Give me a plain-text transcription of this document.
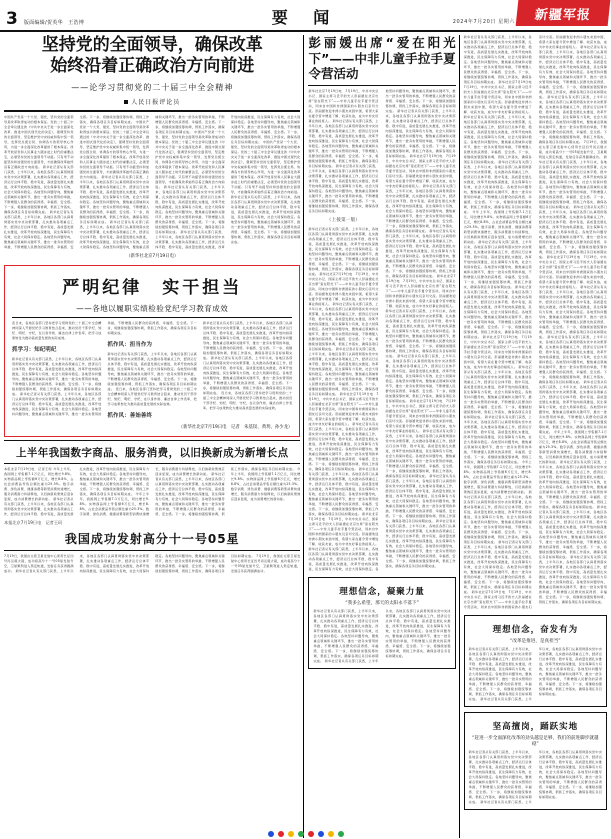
3	版面编辑/贺英华　王浩博	要 闻	2024年7月20日 星期六	新疆军报
坚持党的全面领导，确保改革
始终沿着正确政治方向前进
——论学习贯彻党的二十届三中全会精神
人民日报评论员
中国共产党是一个大党、强党，坚持党的全面领导是改革取得成功的根本保证。党的二十届三中全会审议通过的《中共中央关于进一步全面深化改革、推进中国式现代化的决定》，强调坚持党的全面领导，坚定维护党中央权威和集中统一领导，发挥党总揽全局、协调各方的领导核心作用，为进一步全面深化改革提供了根本保证。改革开放是党和人民事业大踏步赶上时代的重要法宝，必须坚持党的全面领导不动摇。只有毫不动摇坚持和加强党的全面领导，才能确保改革始终沿着正确政治方向前进。 新华社记者从有关部门获悉，上半年以来，各地区各部门认真贯彻落实党中央决策部署，扎实推动各项重点工作，经济运行总体平稳、稳中有进，高质量发展扎实推进，改革开放向纵深推进，民生保障有力有效，社会大局保持稳定。各地坚持问题导向，聚焦重点领域和关键环节，推出一批务实管用的举措，不断增强人民群众的获得感、幸福感、安全感。下一步，将继续加强统筹协调，狠抓工作落实，确保各项任务目标如期完成。 新华社记者从有关部门获悉，上半年以来，各地区各部门认真贯彻落实党中央决策部署，扎实推动各项重点工作，经济运行总体平稳、稳中有进，高质量发展扎实推进，改革开放向纵深推进，民生保障有力有效，社会大局保持稳定。各地坚持问题导向，聚焦重点领域和关键环节，推出一批务实管用的举措，不断增强人民群众的获得感、幸福感、安全感。下一步，将继续加强统筹协调，狠抓工作落实，确保各项任务目标如期完成。 中国共产党是一个大党、强党，坚持党的全面领导是改革取得成功的根本保证。党的二十届三中全会审议通过的《中共中央关于进一步全面深化改革、推进中国式现代化的决定》，强调坚持党的全面领导，坚定维护党中央权威和集中统一领导，发挥党总揽全局、协调各方的领导核心作用，为进一步全面深化改革提供了根本保证。改革开放是党和人民事业大踏步赶上时代的重要法宝，必须坚持党的全面领导不动摇。只有毫不动摇坚持和加强党的全面领导，才能确保改革始终沿着正确政治方向前进。 新华社记者从有关部门获悉，上半年以来，各地区各部门认真贯彻落实党中央决策部署，扎实推动各项重点工作，经济运行总体平稳、稳中有进，高质量发展扎实推进，改革开放向纵深推进，民生保障有力有效，社会大局保持稳定。各地坚持问题导向，聚焦重点领域和关键环节，推出一批务实管用的举措，不断增强人民群众的获得感、幸福感、安全感。下一步，将继续加强统筹协调，狠抓工作落实，确保各项任务目标如期完成。 新华社记者从有关部门获悉，上半年以来，各地区各部门认真贯彻落实党中央决策部署，扎实推动各项重点工作，经济运行总体平稳、稳中有进，高质量发展扎实推进，改革开放向纵深推进，民生保障有力有效，社会大局保持稳定。各地坚持问题导向，聚焦重点领域和关键环节，推出一批务实管用的举措，不断增强人民群众的获得感、幸福感、安全感。下一步，将继续加强统筹协调，狠抓工作落实，确保各项任务目标如期完成。 中国共产党是一个大党、强党，坚持党的全面领导是改革取得成功的根本保证。党的二十届三中全会审议通过的《中共中央关于进一步全面深化改革、推进中国式现代化的决定》，强调坚持党的全面领导，坚定维护党中央权威和集中统一领导，发挥党总揽全局、协调各方的领导核心作用，为进一步全面深化改革提供了根本保证。改革开放是党和人民事业大踏步赶上时代的重要法宝，必须坚持党的全面领导不动摇。只有毫不动摇坚持和加强党的全面领导，才能确保改革始终沿着正确政治方向前进。 新华社记者从有关部门获悉，上半年以来，各地区各部门认真贯彻落实党中央决策部署，扎实推动各项重点工作，经济运行总体平稳、稳中有进，高质量发展扎实推进，改革开放向纵深推进，民生保障有力有效，社会大局保持稳定。各地坚持问题导向，聚焦重点领域和关键环节，推出一批务实管用的举措，不断增强人民群众的获得感、幸福感、安全感。下一步，将继续加强统筹协调，狠抓工作落实，确保各项任务目标如期完成。 新华社记者从有关部门获悉，上半年以来，各地区各部门认真贯彻落实党中央决策部署，扎实推动各项重点工作，经济运行总体平稳、稳中有进，高质量发展扎实推进，改革开放向纵深推进，民生保障有力有效，社会大局保持稳定。各地坚持问题导向，聚焦重点领域和关键环节，推出一批务实管用的举措，不断增强人民群众的获得感、幸福感、安全感。下一步，将继续加强统筹协调，狠抓工作落实，确保各项任务目标如期完成。 中国共产党是一个大党、强党，坚持党的全面领导是改革取得成功的根本保证。党的二十届三中全会审议通过的《中共中央关于进一步全面深化改革、推进中国式现代化的决定》，强调坚持党的全面领导，坚定维护党中央权威和集中统一领导，发挥党总揽全局、协调各方的领导核心作用，为进一步全面深化改革提供了根本保证。改革开放是党和人民事业大踏步赶上时代的重要法宝，必须坚持党的全面领导不动摇。只有毫不动摇坚持和加强党的全面领导，才能确保改革始终沿着正确政治方向前进。 新华社记者从有关部门获悉，上半年以来，各地区各部门认真贯彻落实党中央决策部署，扎实推动各项重点工作，经济运行总体平稳、稳中有进，高质量发展扎实推进，改革开放向纵深推进，民生保障有力有效，社会大局保持稳定。各地坚持问题导向，聚焦重点领域和关键环节，推出一批务实管用的举措，不断增强人民群众的获得感、幸福感、安全感。下一步，将继续加强统筹协调，狠抓工作落实，确保各项任务目标如期完成。
（新华社北京7月19日电）
严明纪律　实干担当
——各地以履职实绩检验党纪学习教育成效
连日来，各地区各部门坚持把学习贯彻党的二十届三中全会精神同深入开展党纪学习教育结合起来，推动党员干部学纪、知纪、明纪、守纪，在以身作则、廉洁自律上作表率，把学习成果转化为推动高质量发展的实际成效。
抓学习：知纪明纪
新华社记者从有关部门获悉，上半年以来，各地区各部门认真贯彻落实党中央决策部署，扎实推动各项重点工作，经济运行总体平稳、稳中有进，高质量发展扎实推进，改革开放向纵深推进，民生保障有力有效，社会大局保持稳定。各地坚持问题导向，聚焦重点领域和关键环节，推出一批务实管用的举措，不断增强人民群众的获得感、幸福感、安全感。下一步，将继续加强统筹协调，狠抓工作落实，确保各项任务目标如期完成。 新华社记者从有关部门获悉，上半年以来，各地区各部门认真贯彻落实党中央决策部署，扎实推动各项重点工作，经济运行总体平稳、稳中有进，高质量发展扎实推进，改革开放向纵深推进，民生保障有力有效，社会大局保持稳定。各地坚持问题导向，聚焦重点领域和关键环节，推出一批务实管用的举措，不断增强人民群众的获得感、幸福感、安全感。下一步，将继续加强统筹协调，狠抓工作落实，确保各项任务目标如期完成。
抓作风：担当作为
新华社记者从有关部门获悉，上半年以来，各地区各部门认真贯彻落实党中央决策部署，扎实推动各项重点工作，经济运行总体平稳、稳中有进，高质量发展扎实推进，改革开放向纵深推进，民生保障有力有效，社会大局保持稳定。各地坚持问题导向，聚焦重点领域和关键环节，推出一批务实管用的举措，不断增强人民群众的获得感、幸福感、安全感。下一步，将继续加强统筹协调，狠抓工作落实，确保各项任务目标如期完成。 连日来，各地区各部门坚持把学习贯彻党的二十届三中全会精神同深入开展党纪学习教育结合起来，推动党员干部学纪、知纪、明纪、守纪，在以身作则、廉洁自律上作表率，把学习成果转化为推动高质量发展的实际成效。
抓作风：善始善终
新华社记者从有关部门获悉，上半年以来，各地区各部门认真贯彻落实党中央决策部署，扎实推动各项重点工作，经济运行总体平稳、稳中有进，高质量发展扎实推进，改革开放向纵深推进，民生保障有力有效，社会大局保持稳定。各地坚持问题导向，聚焦重点领域和关键环节，推出一批务实管用的举措，不断增强人民群众的获得感、幸福感、安全感。下一步，将继续加强统筹协调，狠抓工作落实，确保各项任务目标如期完成。 新华社记者从有关部门获悉，上半年以来，各地区各部门认真贯彻落实党中央决策部署，扎实推动各项重点工作，经济运行总体平稳、稳中有进，高质量发展扎实推进，改革开放向纵深推进，民生保障有力有效，社会大局保持稳定。各地坚持问题导向，聚焦重点领域和关键环节，推出一批务实管用的举措，不断增强人民群众的获得感、幸福感、安全感。下一步，将继续加强统筹协调，狠抓工作落实，确保各项任务目标如期完成。 连日来，各地区各部门坚持把学习贯彻党的二十届三中全会精神同深入开展党纪学习教育结合起来，推动党员干部学纪、知纪、明纪、守纪，在以身作则、廉洁自律上作表率，把学习成果转化为推动高质量发展的实际成效。
（新华社北京7月19日电　记者　朱基钗、黄玥、孙少龙）
上半年我国数字商品、服务消费，以旧换新成为新增长点
本报北京7月19日电　记者王珂 今年上半年，我国网上零售额7.1万亿元，同比增长9.8%。实物商品网上零售额6万亿元，增长8.8%，占社会消费品零售总额比重为25.3%。数字消费、绿色消费、健康消费等新型消费快速增长，服务消费潜力持续释放，以旧换新政策效应逐步显现，成为消费增长的新动能。 新华社记者从有关部门获悉，上半年以来，各地区各部门认真贯彻落实党中央决策部署，扎实推动各项重点工作，经济运行总体平稳、稳中有进，高质量发展扎实推进，改革开放向纵深推进，民生保障有力有效，社会大局保持稳定。各地坚持问题导向，聚焦重点领域和关键环节，推出一批务实管用的举措，不断增强人民群众的获得感、幸福感、安全感。下一步，将继续加强统筹协调，狠抓工作落实，确保各项任务目标如期完成。 今年上半年，我国网上零售额7.1万亿元，同比增长9.8%。实物商品网上零售额6万亿元，增长8.8%，占社会消费品零售总额比重为25.3%。数字消费、绿色消费、健康消费等新型消费快速增长，服务消费潜力持续释放，以旧换新政策效应逐步显现，成为消费增长的新动能。 新华社记者从有关部门获悉，上半年以来，各地区各部门认真贯彻落实党中央决策部署，扎实推动各项重点工作，经济运行总体平稳、稳中有进，高质量发展扎实推进，改革开放向纵深推进，民生保障有力有效，社会大局保持稳定。各地坚持问题导向，聚焦重点领域和关键环节，推出一批务实管用的举措，不断增强人民群众的获得感、幸福感、安全感。下一步，将继续加强统筹协调，狠抓工作落实，确保各项任务目标如期完成。 今年上半年，我国网上零售额7.1万亿元，同比增长9.8%。实物商品网上零售额6万亿元，增长8.8%，占社会消费品零售总额比重为25.3%。数字消费、绿色消费、健康消费等新型消费快速增长，服务消费潜力持续释放，以旧换新政策效应逐步显现，成为消费增长的新动能。
本报北京7月19日电　记者王珂
我国成功发射高分十一号05星
7月19日，我国在太原卫星发射中心使用长征四号丙运载火箭，成功将高分十一号05星发射升空，卫星顺利进入预定轨道，发射任务获得圆满成功。 新华社记者从有关部门获悉，上半年以来，各地区各部门认真贯彻落实党中央决策部署，扎实推动各项重点工作，经济运行总体平稳、稳中有进，高质量发展扎实推进，改革开放向纵深推进，民生保障有力有效，社会大局保持稳定。各地坚持问题导向，聚焦重点领域和关键环节，推出一批务实管用的举措，不断增强人民群众的获得感、幸福感、安全感。下一步，将继续加强统筹协调，狠抓工作落实，确保各项任务目标如期完成。 7月19日，我国在太原卫星发射中心使用长征四号丙运载火箭，成功将高分十一号05星发射升空，卫星顺利进入预定轨道，发射任务获得圆满成功。
彭丽媛出席“爱在阳光下”——中非儿童手拉手夏令营活动
新华社北京7月19日电　7月19日，中共中央总书记、国家主席习近平的夫人彭丽媛在北京出席“爱在阳光下”——中非儿童手拉手夏令营活动，同来自中国和非洲国家的小朋友们亲切交流。彭丽媛欢迎非洲小朋友来到中国，希望大家在夏令营中增进了解、收获友谊，成为中非友好事业的接班人。 新华社记者从有关部门获悉，上半年以来，各地区各部门认真贯彻落实党中央决策部署，扎实推动各项重点工作，经济运行总体平稳、稳中有进，高质量发展扎实推进，改革开放向纵深推进，民生保障有力有效，社会大局保持稳定。各地坚持问题导向，聚焦重点领域和关键环节，推出一批务实管用的举措，不断增强人民群众的获得感、幸福感、安全感。下一步，将继续加强统筹协调，狠抓工作落实，确保各项任务目标如期完成。 新华社记者从有关部门获悉，上半年以来，各地区各部门认真贯彻落实党中央决策部署，扎实推动各项重点工作，经济运行总体平稳、稳中有进，高质量发展扎实推进，改革开放向纵深推进，民生保障有力有效，社会大局保持稳定。各地坚持问题导向，聚焦重点领域和关键环节，推出一批务实管用的举措，不断增强人民群众的获得感、幸福感、安全感。下一步，将继续加强统筹协调，狠抓工作落实，确保各项任务目标如期完成。
（上接第一版）
新华社记者从有关部门获悉，上半年以来，各地区各部门认真贯彻落实党中央决策部署，扎实推动各项重点工作，经济运行总体平稳、稳中有进，高质量发展扎实推进，改革开放向纵深推进，民生保障有力有效，社会大局保持稳定。各地坚持问题导向，聚焦重点领域和关键环节，推出一批务实管用的举措，不断增强人民群众的获得感、幸福感、安全感。下一步，将继续加强统筹协调，狠抓工作落实，确保各项任务目标如期完成。 新华社北京7月19日电　7月19日，中共中央总书记、国家主席习近平的夫人彭丽媛在北京出席“爱在阳光下”——中非儿童手拉手夏令营活动，同来自中国和非洲国家的小朋友们亲切交流。彭丽媛欢迎非洲小朋友来到中国，希望大家在夏令营中增进了解、收获友谊，成为中非友好事业的接班人。 新华社记者从有关部门获悉，上半年以来，各地区各部门认真贯彻落实党中央决策部署，扎实推动各项重点工作，经济运行总体平稳、稳中有进，高质量发展扎实推进，改革开放向纵深推进，民生保障有力有效，社会大局保持稳定。各地坚持问题导向，聚焦重点领域和关键环节，推出一批务实管用的举措，不断增强人民群众的获得感、幸福感、安全感。下一步，将继续加强统筹协调，狠抓工作落实，确保各项任务目标如期完成。 新华社记者从有关部门获悉，上半年以来，各地区各部门认真贯彻落实党中央决策部署，扎实推动各项重点工作，经济运行总体平稳、稳中有进，高质量发展扎实推进，改革开放向纵深推进，民生保障有力有效，社会大局保持稳定。各地坚持问题导向，聚焦重点领域和关键环节，推出一批务实管用的举措，不断增强人民群众的获得感、幸福感、安全感。下一步，将继续加强统筹协调，狠抓工作落实，确保各项任务目标如期完成。 新华社北京7月19日电　7月19日，中共中央总书记、国家主席习近平的夫人彭丽媛在北京出席“爱在阳光下”——中非儿童手拉手夏令营活动，同来自中国和非洲国家的小朋友们亲切交流。彭丽媛欢迎非洲小朋友来到中国，希望大家在夏令营中增进了解、收获友谊，成为中非友好事业的接班人。 新华社记者从有关部门获悉，上半年以来，各地区各部门认真贯彻落实党中央决策部署，扎实推动各项重点工作，经济运行总体平稳、稳中有进，高质量发展扎实推进，改革开放向纵深推进，民生保障有力有效，社会大局保持稳定。各地坚持问题导向，聚焦重点领域和关键环节，推出一批务实管用的举措，不断增强人民群众的获得感、幸福感、安全感。下一步，将继续加强统筹协调，狠抓工作落实，确保各项任务目标如期完成。 新华社记者从有关部门获悉，上半年以来，各地区各部门认真贯彻落实党中央决策部署，扎实推动各项重点工作，经济运行总体平稳、稳中有进，高质量发展扎实推进，改革开放向纵深推进，民生保障有力有效，社会大局保持稳定。各地坚持问题导向，聚焦重点领域和关键环节，推出一批务实管用的举措，不断增强人民群众的获得感、幸福感、安全感。下一步，将继续加强统筹协调，狠抓工作落实，确保各项任务目标如期完成。 新华社北京7月19日电　7月19日，中共中央总书记、国家主席习近平的夫人彭丽媛在北京出席“爱在阳光下”——中非儿童手拉手夏令营活动，同来自中国和非洲国家的小朋友们亲切交流。彭丽媛欢迎非洲小朋友来到中国，希望大家在夏令营中增进了解、收获友谊，成为中非友好事业的接班人。 新华社记者从有关部门获悉，上半年以来，各地区各部门认真贯彻落实党中央决策部署，扎实推动各项重点工作，经济运行总体平稳、稳中有进，高质量发展扎实推进，改革开放向纵深推进，民生保障有力有效，社会大局保持稳定。各地坚持问题导向，聚焦重点领域和关键环节，推出一批务实管用的举措，不断增强人民群众的获得感、幸福感、安全感。下一步，将继续加强统筹协调，狠抓工作落实，确保各项任务目标如期完成。 新华社记者从有关部门获悉，上半年以来，各地区各部门认真贯彻落实党中央决策部署，扎实推动各项重点工作，经济运行总体平稳、稳中有进，高质量发展扎实推进，改革开放向纵深推进，民生保障有力有效，社会大局保持稳定。各地坚持问题导向，聚焦重点领域和关键环节，推出一批务实管用的举措，不断增强人民群众的获得感、幸福感、安全感。下一步，将继续加强统筹协调，狠抓工作落实，确保各项任务目标如期完成。 新华社北京7月19日电　7月19日，中共中央总书记、国家主席习近平的夫人彭丽媛在北京出席“爱在阳光下”——中非儿童手拉手夏令营活动，同来自中国和非洲国家的小朋友们亲切交流。彭丽媛欢迎非洲小朋友来到中国，希望大家在夏令营中增进了解、收获友谊，成为中非友好事业的接班人。 新华社记者从有关部门获悉，上半年以来，各地区各部门认真贯彻落实党中央决策部署，扎实推动各项重点工作，经济运行总体平稳、稳中有进，高质量发展扎实推进，改革开放向纵深推进，民生保障有力有效，社会大局保持稳定。各地坚持问题导向，聚焦重点领域和关键环节，推出一批务实管用的举措，不断增强人民群众的获得感、幸福感、安全感。下一步，将继续加强统筹协调，狠抓工作落实，确保各项任务目标如期完成。 新华社记者从有关部门获悉，上半年以来，各地区各部门认真贯彻落实党中央决策部署，扎实推动各项重点工作，经济运行总体平稳、稳中有进，高质量发展扎实推进，改革开放向纵深推进，民生保障有力有效，社会大局保持稳定。各地坚持问题导向，聚焦重点领域和关键环节，推出一批务实管用的举措，不断增强人民群众的获得感、幸福感、安全感。下一步，将继续加强统筹协调，狠抓工作落实，确保各项任务目标如期完成。 新华社北京7月19日电　7月19日，中共中央总书记、国家主席习近平的夫人彭丽媛在北京出席“爱在阳光下”——中非儿童手拉手夏令营活动，同来自中国和非洲国家的小朋友们亲切交流。彭丽媛欢迎非洲小朋友来到中国，希望大家在夏令营中增进了解、收获友谊，成为中非友好事业的接班人。 新华社记者从有关部门获悉，上半年以来，各地区各部门认真贯彻落实党中央决策部署，扎实推动各项重点工作，经济运行总体平稳、稳中有进，高质量发展扎实推进，改革开放向纵深推进，民生保障有力有效，社会大局保持稳定。各地坚持问题导向，聚焦重点领域和关键环节，推出一批务实管用的举措，不断增强人民群众的获得感、幸福感、安全感。下一步，将继续加强统筹协调，狠抓工作落实，确保各项任务目标如期完成。 新华社记者从有关部门获悉，上半年以来，各地区各部门认真贯彻落实党中央决策部署，扎实推动各项重点工作，经济运行总体平稳、稳中有进，高质量发展扎实推进，改革开放向纵深推进，民生保障有力有效，社会大局保持稳定。各地坚持问题导向，聚焦重点领域和关键环节，推出一批务实管用的举措，不断增强人民群众的获得感、幸福感、安全感。下一步，将继续加强统筹协调，狠抓工作落实，确保各项任务目标如期完成。 新华社北京7月19日电　7月19日，中共中央总书记、国家主席习近平的夫人彭丽媛在北京出席“爱在阳光下”——中非儿童手拉手夏令营活动，同来自中国和非洲国家的小朋友们亲切交流。彭丽媛欢迎非洲小朋友来到中国，希望大家在夏令营中增进了解、收获友谊，成为中非友好事业的接班人。 新华社记者从有关部门获悉，上半年以来，各地区各部门认真贯彻落实党中央决策部署，扎实推动各项重点工作，经济运行总体平稳、稳中有进，高质量发展扎实推进，改革开放向纵深推进，民生保障有力有效，社会大局保持稳定。各地坚持问题导向，聚焦重点领域和关键环节，推出一批务实管用的举措，不断增强人民群众的获得感、幸福感、安全感。下一步，将继续加强统筹协调，狠抓工作落实，确保各项任务目标如期完成。 新华社记者从有关部门获悉，上半年以来，各地区各部门认真贯彻落实党中央决策部署，扎实推动各项重点工作，经济运行总体平稳、稳中有进，高质量发展扎实推进，改革开放向纵深推进，民生保障有力有效，社会大局保持稳定。各地坚持问题导向，聚焦重点领域和关键环节，推出一批务实管用的举措，不断增强人民群众的获得感、幸福感、安全感。下一步，将继续加强统筹协调，狠抓工作落实，确保各项任务目标如期完成。 新华社记者从有关部门获悉，上半年以来，各地区各部门认真贯彻落实党中央决策部署，扎实推动各项重点工作，经济运行总体平稳、稳中有进，高质量发展扎实推进，改革开放向纵深推进，民生保障有力有效，社会大局保持稳定。各地坚持问题导向，聚焦重点领域和关键环节，推出一批务实管用的举措，不断增强人民群众的获得感、幸福感、安全感。下一步，将继续加强统筹协调，狠抓工作落实，确保各项任务目标如期完成。
理想信念，凝聚力量
“我多么希望，那天的太阳永不落下”
新华社记者从有关部门获悉，上半年以来，各地区各部门认真贯彻落实党中央决策部署，扎实推动各项重点工作，经济运行总体平稳、稳中有进，高质量发展扎实推进，改革开放向纵深推进，民生保障有力有效，社会大局保持稳定。各地坚持问题导向，聚焦重点领域和关键环节，推出一批务实管用的举措，不断增强人民群众的获得感、幸福感、安全感。下一步，将继续加强统筹协调，狠抓工作落实，确保各项任务目标如期完成。 新华社记者从有关部门获悉，上半年以来，各地区各部门认真贯彻落实党中央决策部署，扎实推动各项重点工作，经济运行总体平稳、稳中有进，高质量发展扎实推进，改革开放向纵深推进，民生保障有力有效，社会大局保持稳定。各地坚持问题导向，聚焦重点领域和关键环节，推出一批务实管用的举措，不断增强人民群众的获得感、幸福感、安全感。下一步，将继续加强统筹协调，狠抓工作落实，确保各项任务目标如期完成。
新华社记者从有关部门获悉，上半年以来，各地区各部门认真贯彻落实党中央决策部署，扎实推动各项重点工作，经济运行总体平稳、稳中有进，高质量发展扎实推进，改革开放向纵深推进，民生保障有力有效，社会大局保持稳定。各地坚持问题导向，聚焦重点领域和关键环节，推出一批务实管用的举措，不断增强人民群众的获得感、幸福感、安全感。下一步，将继续加强统筹协调，狠抓工作落实，确保各项任务目标如期完成。 新华社北京7月19日电　7月19日，中共中央总书记、国家主席习近平的夫人彭丽媛在北京出席“爱在阳光下”——中非儿童手拉手夏令营活动，同来自中国和非洲国家的小朋友们亲切交流。彭丽媛欢迎非洲小朋友来到中国，希望大家在夏令营中增进了解、收获友谊，成为中非友好事业的接班人。 新华社记者从有关部门获悉，上半年以来，各地区各部门认真贯彻落实党中央决策部署，扎实推动各项重点工作，经济运行总体平稳、稳中有进，高质量发展扎实推进，改革开放向纵深推进，民生保障有力有效，社会大局保持稳定。各地坚持问题导向，聚焦重点领域和关键环节，推出一批务实管用的举措，不断增强人民群众的获得感、幸福感、安全感。下一步，将继续加强统筹协调，狠抓工作落实，确保各项任务目标如期完成。 新华社记者从有关部门获悉，上半年以来，各地区各部门认真贯彻落实党中央决策部署，扎实推动各项重点工作，经济运行总体平稳、稳中有进，高质量发展扎实推进，改革开放向纵深推进，民生保障有力有效，社会大局保持稳定。各地坚持问题导向，聚焦重点领域和关键环节，推出一批务实管用的举措，不断增强人民群众的获得感、幸福感、安全感。下一步，将继续加强统筹协调，狠抓工作落实，确保各项任务目标如期完成。 今年上半年，我国网上零售额7.1万亿元，同比增长9.8%。实物商品网上零售额6万亿元，增长8.8%，占社会消费品零售总额比重为25.3%。数字消费、绿色消费、健康消费等新型消费快速增长，服务消费潜力持续释放，以旧换新政策效应逐步显现，成为消费增长的新动能。 新华社记者从有关部门获悉，上半年以来，各地区各部门认真贯彻落实党中央决策部署，扎实推动各项重点工作，经济运行总体平稳、稳中有进，高质量发展扎实推进，改革开放向纵深推进，民生保障有力有效，社会大局保持稳定。各地坚持问题导向，聚焦重点领域和关键环节，推出一批务实管用的举措，不断增强人民群众的获得感、幸福感、安全感。下一步，将继续加强统筹协调，狠抓工作落实，确保各项任务目标如期完成。 新华社记者从有关部门获悉，上半年以来，各地区各部门认真贯彻落实党中央决策部署，扎实推动各项重点工作，经济运行总体平稳、稳中有进，高质量发展扎实推进，改革开放向纵深推进，民生保障有力有效，社会大局保持稳定。各地坚持问题导向，聚焦重点领域和关键环节，推出一批务实管用的举措，不断增强人民群众的获得感、幸福感、安全感。下一步，将继续加强统筹协调，狠抓工作落实，确保各项任务目标如期完成。 新华社北京7月19日电　7月19日，中共中央总书记、国家主席习近平的夫人彭丽媛在北京出席“爱在阳光下”——中非儿童手拉手夏令营活动，同来自中国和非洲国家的小朋友们亲切交流。彭丽媛欢迎非洲小朋友来到中国，希望大家在夏令营中增进了解、收获友谊，成为中非友好事业的接班人。 新华社记者从有关部门获悉，上半年以来，各地区各部门认真贯彻落实党中央决策部署，扎实推动各项重点工作，经济运行总体平稳、稳中有进，高质量发展扎实推进，改革开放向纵深推进，民生保障有力有效，社会大局保持稳定。各地坚持问题导向，聚焦重点领域和关键环节，推出一批务实管用的举措，不断增强人民群众的获得感、幸福感、安全感。下一步，将继续加强统筹协调，狠抓工作落实，确保各项任务目标如期完成。 新华社记者从有关部门获悉，上半年以来，各地区各部门认真贯彻落实党中央决策部署，扎实推动各项重点工作，经济运行总体平稳、稳中有进，高质量发展扎实推进，改革开放向纵深推进，民生保障有力有效，社会大局保持稳定。各地坚持问题导向，聚焦重点领域和关键环节，推出一批务实管用的举措，不断增强人民群众的获得感、幸福感、安全感。下一步，将继续加强统筹协调，狠抓工作落实，确保各项任务目标如期完成。 今年上半年，我国网上零售额7.1万亿元，同比增长9.8%。实物商品网上零售额6万亿元，增长8.8%，占社会消费品零售总额比重为25.3%。数字消费、绿色消费、健康消费等新型消费快速增长，服务消费潜力持续释放，以旧换新政策效应逐步显现，成为消费增长的新动能。 新华社记者从有关部门获悉，上半年以来，各地区各部门认真贯彻落实党中央决策部署，扎实推动各项重点工作，经济运行总体平稳、稳中有进，高质量发展扎实推进，改革开放向纵深推进，民生保障有力有效，社会大局保持稳定。各地坚持问题导向，聚焦重点领域和关键环节，推出一批务实管用的举措，不断增强人民群众的获得感、幸福感、安全感。下一步，将继续加强统筹协调，狠抓工作落实，确保各项任务目标如期完成。 新华社记者从有关部门获悉，上半年以来，各地区各部门认真贯彻落实党中央决策部署，扎实推动各项重点工作，经济运行总体平稳、稳中有进，高质量发展扎实推进，改革开放向纵深推进，民生保障有力有效，社会大局保持稳定。各地坚持问题导向，聚焦重点领域和关键环节，推出一批务实管用的举措，不断增强人民群众的获得感、幸福感、安全感。下一步，将继续加强统筹协调，狠抓工作落实，确保各项任务目标如期完成。 新华社北京7月19日电　7月19日，中共中央总书记、国家主席习近平的夫人彭丽媛在北京出席“爱在阳光下”——中非儿童手拉手夏令营活动，同来自中国和非洲国家的小朋友们亲切交流。彭丽媛欢迎非洲小朋友来到中国，希望大家在夏令营中增进了解、收获友谊，成为中非友好事业的接班人。 新华社记者从有关部门获悉，上半年以来，各地区各部门认真贯彻落实党中央决策部署，扎实推动各项重点工作，经济运行总体平稳、稳中有进，高质量发展扎实推进，改革开放向纵深推进，民生保障有力有效，社会大局保持稳定。各地坚持问题导向，聚焦重点领域和关键环节，推出一批务实管用的举措，不断增强人民群众的获得感、幸福感、安全感。下一步，将继续加强统筹协调，狠抓工作落实，确保各项任务目标如期完成。 新华社记者从有关部门获悉，上半年以来，各地区各部门认真贯彻落实党中央决策部署，扎实推动各项重点工作，经济运行总体平稳、稳中有进，高质量发展扎实推进，改革开放向纵深推进，民生保障有力有效，社会大局保持稳定。各地坚持问题导向，聚焦重点领域和关键环节，推出一批务实管用的举措，不断增强人民群众的获得感、幸福感、安全感。下一步，将继续加强统筹协调，狠抓工作落实，确保各项任务目标如期完成。 7月19日，我国在太原卫星发射中心使用长征四号丙运载火箭，成功将高分十一号05星发射升空，卫星顺利进入预定轨道，发射任务获得圆满成功。 新华社记者从有关部门获悉，上半年以来，各地区各部门认真贯彻落实党中央决策部署，扎实推动各项重点工作，经济运行总体平稳、稳中有进，高质量发展扎实推进，改革开放向纵深推进，民生保障有力有效，社会大局保持稳定。各地坚持问题导向，聚焦重点领域和关键环节，推出一批务实管用的举措，不断增强人民群众的获得感、幸福感、安全感。下一步，将继续加强统筹协调，狠抓工作落实，确保各项任务目标如期完成。 新华社记者从有关部门获悉，上半年以来，各地区各部门认真贯彻落实党中央决策部署，扎实推动各项重点工作，经济运行总体平稳、稳中有进，高质量发展扎实推进，改革开放向纵深推进，民生保障有力有效，社会大局保持稳定。各地坚持问题导向，聚焦重点领域和关键环节，推出一批务实管用的举措，不断增强人民群众的获得感、幸福感、安全感。下一步，将继续加强统筹协调，狠抓工作落实，确保各项任务目标如期完成。 新华社北京7月19日电　7月19日，中共中央总书记、国家主席习近平的夫人彭丽媛在北京出席“爱在阳光下”——中非儿童手拉手夏令营活动，同来自中国和非洲国家的小朋友们亲切交流。彭丽媛欢迎非洲小朋友来到中国，希望大家在夏令营中增进了解、收获友谊，成为中非友好事业的接班人。 新华社记者从有关部门获悉，上半年以来，各地区各部门认真贯彻落实党中央决策部署，扎实推动各项重点工作，经济运行总体平稳、稳中有进，高质量发展扎实推进，改革开放向纵深推进，民生保障有力有效，社会大局保持稳定。各地坚持问题导向，聚焦重点领域和关键环节，推出一批务实管用的举措，不断增强人民群众的获得感、幸福感、安全感。下一步，将继续加强统筹协调，狠抓工作落实，确保各项任务目标如期完成。 新华社记者从有关部门获悉，上半年以来，各地区各部门认真贯彻落实党中央决策部署，扎实推动各项重点工作，经济运行总体平稳、稳中有进，高质量发展扎实推进，改革开放向纵深推进，民生保障有力有效，社会大局保持稳定。各地坚持问题导向，聚焦重点领域和关键环节，推出一批务实管用的举措，不断增强人民群众的获得感、幸福感、安全感。下一步，将继续加强统筹协调，狠抓工作落实，确保各项任务目标如期完成。 新华社记者从有关部门获悉，上半年以来，各地区各部门认真贯彻落实党中央决策部署，扎实推动各项重点工作，经济运行总体平稳、稳中有进，高质量发展扎实推进，改革开放向纵深推进，民生保障有力有效，社会大局保持稳定。各地坚持问题导向，聚焦重点领域和关键环节，推出一批务实管用的举措，不断增强人民群众的获得感、幸福感、安全感。下一步，将继续加强统筹协调，狠抓工作落实，确保各项任务目标如期完成。 今年上半年，我国网上零售额7.1万亿元，同比增长9.8%。实物商品网上零售额6万亿元，增长8.8%，占社会消费品零售总额比重为25.3%。数字消费、绿色消费、健康消费等新型消费快速增长，服务消费潜力持续释放，以旧换新政策效应逐步显现，成为消费增长的新动能。 新华社记者从有关部门获悉，上半年以来，各地区各部门认真贯彻落实党中央决策部署，扎实推动各项重点工作，经济运行总体平稳、稳中有进，高质量发展扎实推进，改革开放向纵深推进，民生保障有力有效，社会大局保持稳定。各地坚持问题导向，聚焦重点领域和关键环节，推出一批务实管用的举措，不断增强人民群众的获得感、幸福感、安全感。下一步，将继续加强统筹协调，狠抓工作落实，确保各项任务目标如期完成。 新华社记者从有关部门获悉，上半年以来，各地区各部门认真贯彻落实党中央决策部署，扎实推动各项重点工作，经济运行总体平稳、稳中有进，高质量发展扎实推进，改革开放向纵深推进，民生保障有力有效，社会大局保持稳定。各地坚持问题导向，聚焦重点领域和关键环节，推出一批务实管用的举措，不断增强人民群众的获得感、幸福感、安全感。下一步，将继续加强统筹协调，狠抓工作落实，确保各项任务目标如期完成。 新华社记者从有关部门获悉，上半年以来，各地区各部门认真贯彻落实党中央决策部署，扎实推动各项重点工作，经济运行总体平稳、稳中有进，高质量发展扎实推进，改革开放向纵深推进，民生保障有力有效，社会大局保持稳定。各地坚持问题导向，聚焦重点领域和关键环节，推出一批务实管用的举措，不断增强人民群众的获得感、幸福感、安全感。下一步，将继续加强统筹协调，狠抓工作落实，确保各项任务目标如期完成。
理想信念，奋发有为
“改革是推进，是真担当”
新华社记者从有关部门获悉，上半年以来，各地区各部门认真贯彻落实党中央决策部署，扎实推动各项重点工作，经济运行总体平稳、稳中有进，高质量发展扎实推进，改革开放向纵深推进，民生保障有力有效，社会大局保持稳定。各地坚持问题导向，聚焦重点领域和关键环节，推出一批务实管用的举措，不断增强人民群众的获得感、幸福感、安全感。下一步，将继续加强统筹协调，狠抓工作落实，确保各项任务目标如期完成。 新华社记者从有关部门获悉，上半年以来，各地区各部门认真贯彻落实党中央决策部署，扎实推动各项重点工作，经济运行总体平稳、稳中有进，高质量发展扎实推进，改革开放向纵深推进，民生保障有力有效，社会大局保持稳定。各地坚持问题导向，聚焦重点领域和关键环节，推出一批务实管用的举措，不断增强人民群众的获得感、幸福感、安全感。下一步，将继续加强统筹协调，狠抓工作落实，确保各项任务目标如期完成。
坚高擅岗，踊跃实地
“赶进一步全面深化改革的劲头越是足够，我们的前进脚步就越稳”
新华社记者从有关部门获悉，上半年以来，各地区各部门认真贯彻落实党中央决策部署，扎实推动各项重点工作，经济运行总体平稳、稳中有进，高质量发展扎实推进，改革开放向纵深推进，民生保障有力有效，社会大局保持稳定。各地坚持问题导向，聚焦重点领域和关键环节，推出一批务实管用的举措，不断增强人民群众的获得感、幸福感、安全感。下一步，将继续加强统筹协调，狠抓工作落实，确保各项任务目标如期完成。 新华社记者从有关部门获悉，上半年以来，各地区各部门认真贯彻落实党中央决策部署，扎实推动各项重点工作，经济运行总体平稳、稳中有进，高质量发展扎实推进，改革开放向纵深推进，民生保障有力有效，社会大局保持稳定。各地坚持问题导向，聚焦重点领域和关键环节，推出一批务实管用的举措，不断增强人民群众的获得感、幸福感、安全感。下一步，将继续加强统筹协调，狠抓工作落实，确保各项任务目标如期完成。
